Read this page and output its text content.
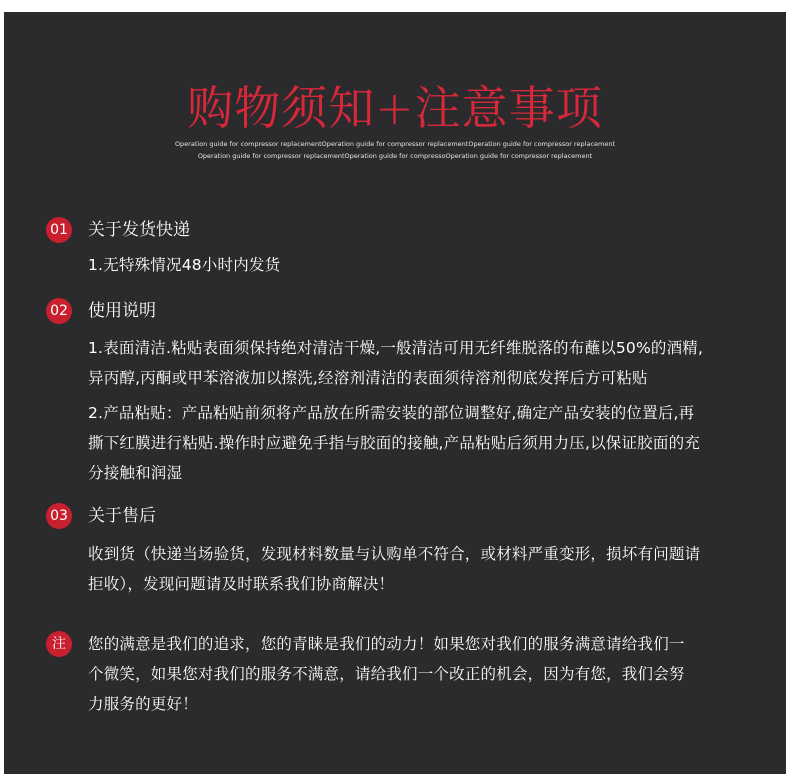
购物须知+注意事项
Operation guide for compressor replacementOperation guide for compressor replacementOperation guide for compressor replacement
Operation guide for compressor replacementOperation guide for compressoOperation guide for compressor replacement
01 关于发货快递
1.无特殊情况48小时内发货
02 使用说明
1.表面清洁.粘贴表面须保持绝对清洁干燥,一般清洁可用无纤维脱落的布蘸以50%的酒精,异丙醇,丙酮或甲苯溶液加以擦洗,经溶剂清洁的表面须待溶剂彻底发挥后方可粘贴
2.产品粘贴：产品粘贴前须将产品放在所需安装的部位调整好,确定产品安装的位置后,再撕下红膜进行粘贴.操作时应避免手指与胶面的接触,产品粘贴后须用力压,以保证胶面的充分接触和润湿
03 关于售后
收到货（快递当场验货，发现材料数量与认购单不符合，或材料严重变形，损坏有问题请拒收），发现问题请及时联系我们协商解决！
注	您的满意是我们的追求，您的青睐是我们的动力！如果您对我们的服务满意请给我们一个微笑，如果您对我们的服务不满意，请给我们一个改正的机会，因为有您，我们会努力服务的更好！
